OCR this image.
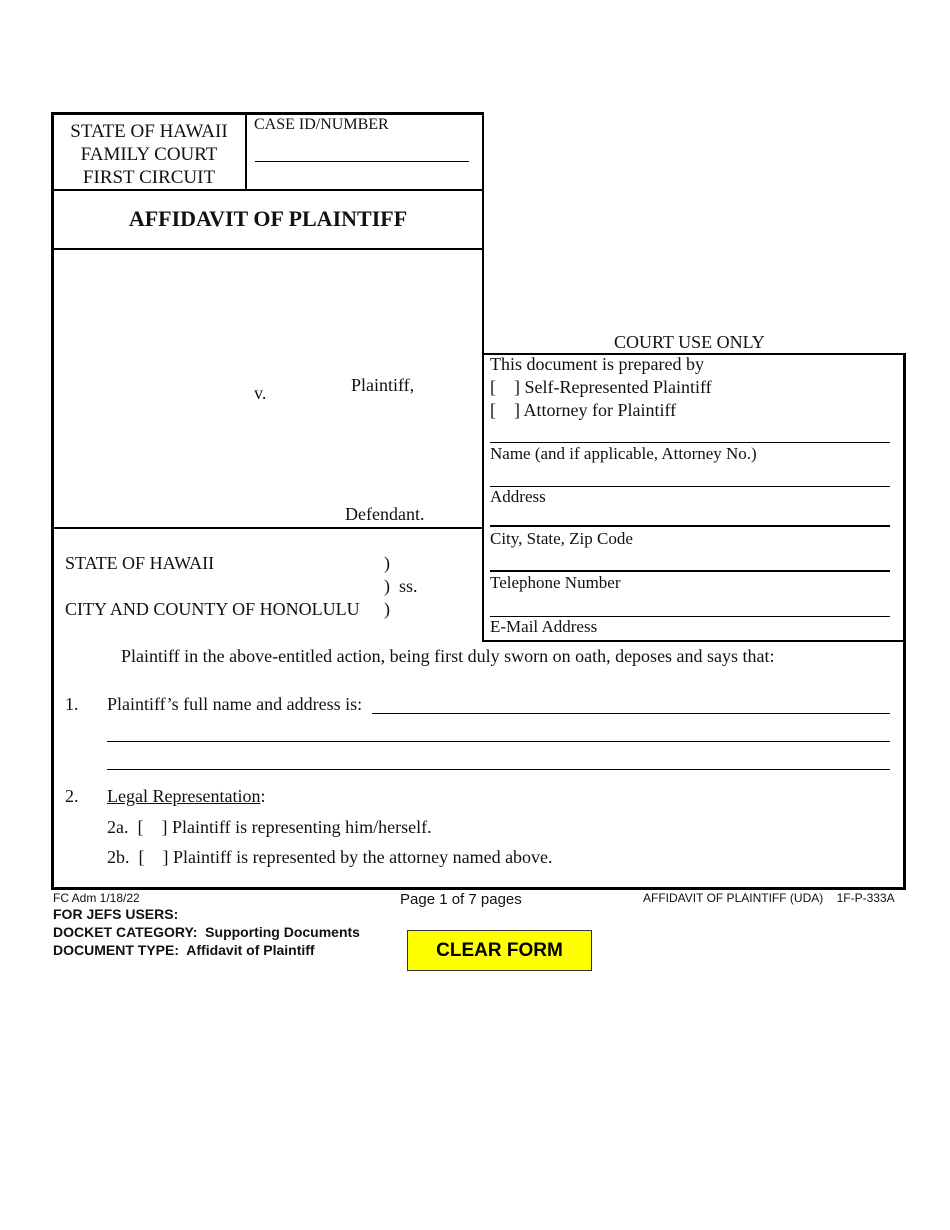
STATE OF HAWAII
FAMILY COURT
FIRST CIRCUIT
CASE ID/NUMBER
AFFIDAVIT OF PLAINTIFF
v.	Plaintiff,
Defendant.
COURT USE ONLY
This document is prepared by
[    ] Self-Represented Plaintiff
[    ] Attorney for Plaintiff
Name (and if applicable, Attorney No.)
Address
City, State, Zip Code
Telephone Number
E-Mail Address
STATE OF HAWAII
CITY AND COUNTY OF HONOLULU
)
)  ss.
)
Plaintiff in the above-entitled action, being first duly sworn on oath, deposes and says that:
1. Plaintiff’s full name and address is:
2. Legal Representation:
2a.  [    ] Plaintiff is representing him/herself.
2b.  [    ] Plaintiff is represented by the attorney named above.
FC Adm 1/18/22	Page 1 of 7 pages	AFFIDAVIT OF PLAINTIFF (UDA) 1F-P-333A
FOR JEFS USERS:
DOCKET CATEGORY:  Supporting Documents
DOCUMENT TYPE:  Affidavit of Plaintiff	CLEAR FORM
